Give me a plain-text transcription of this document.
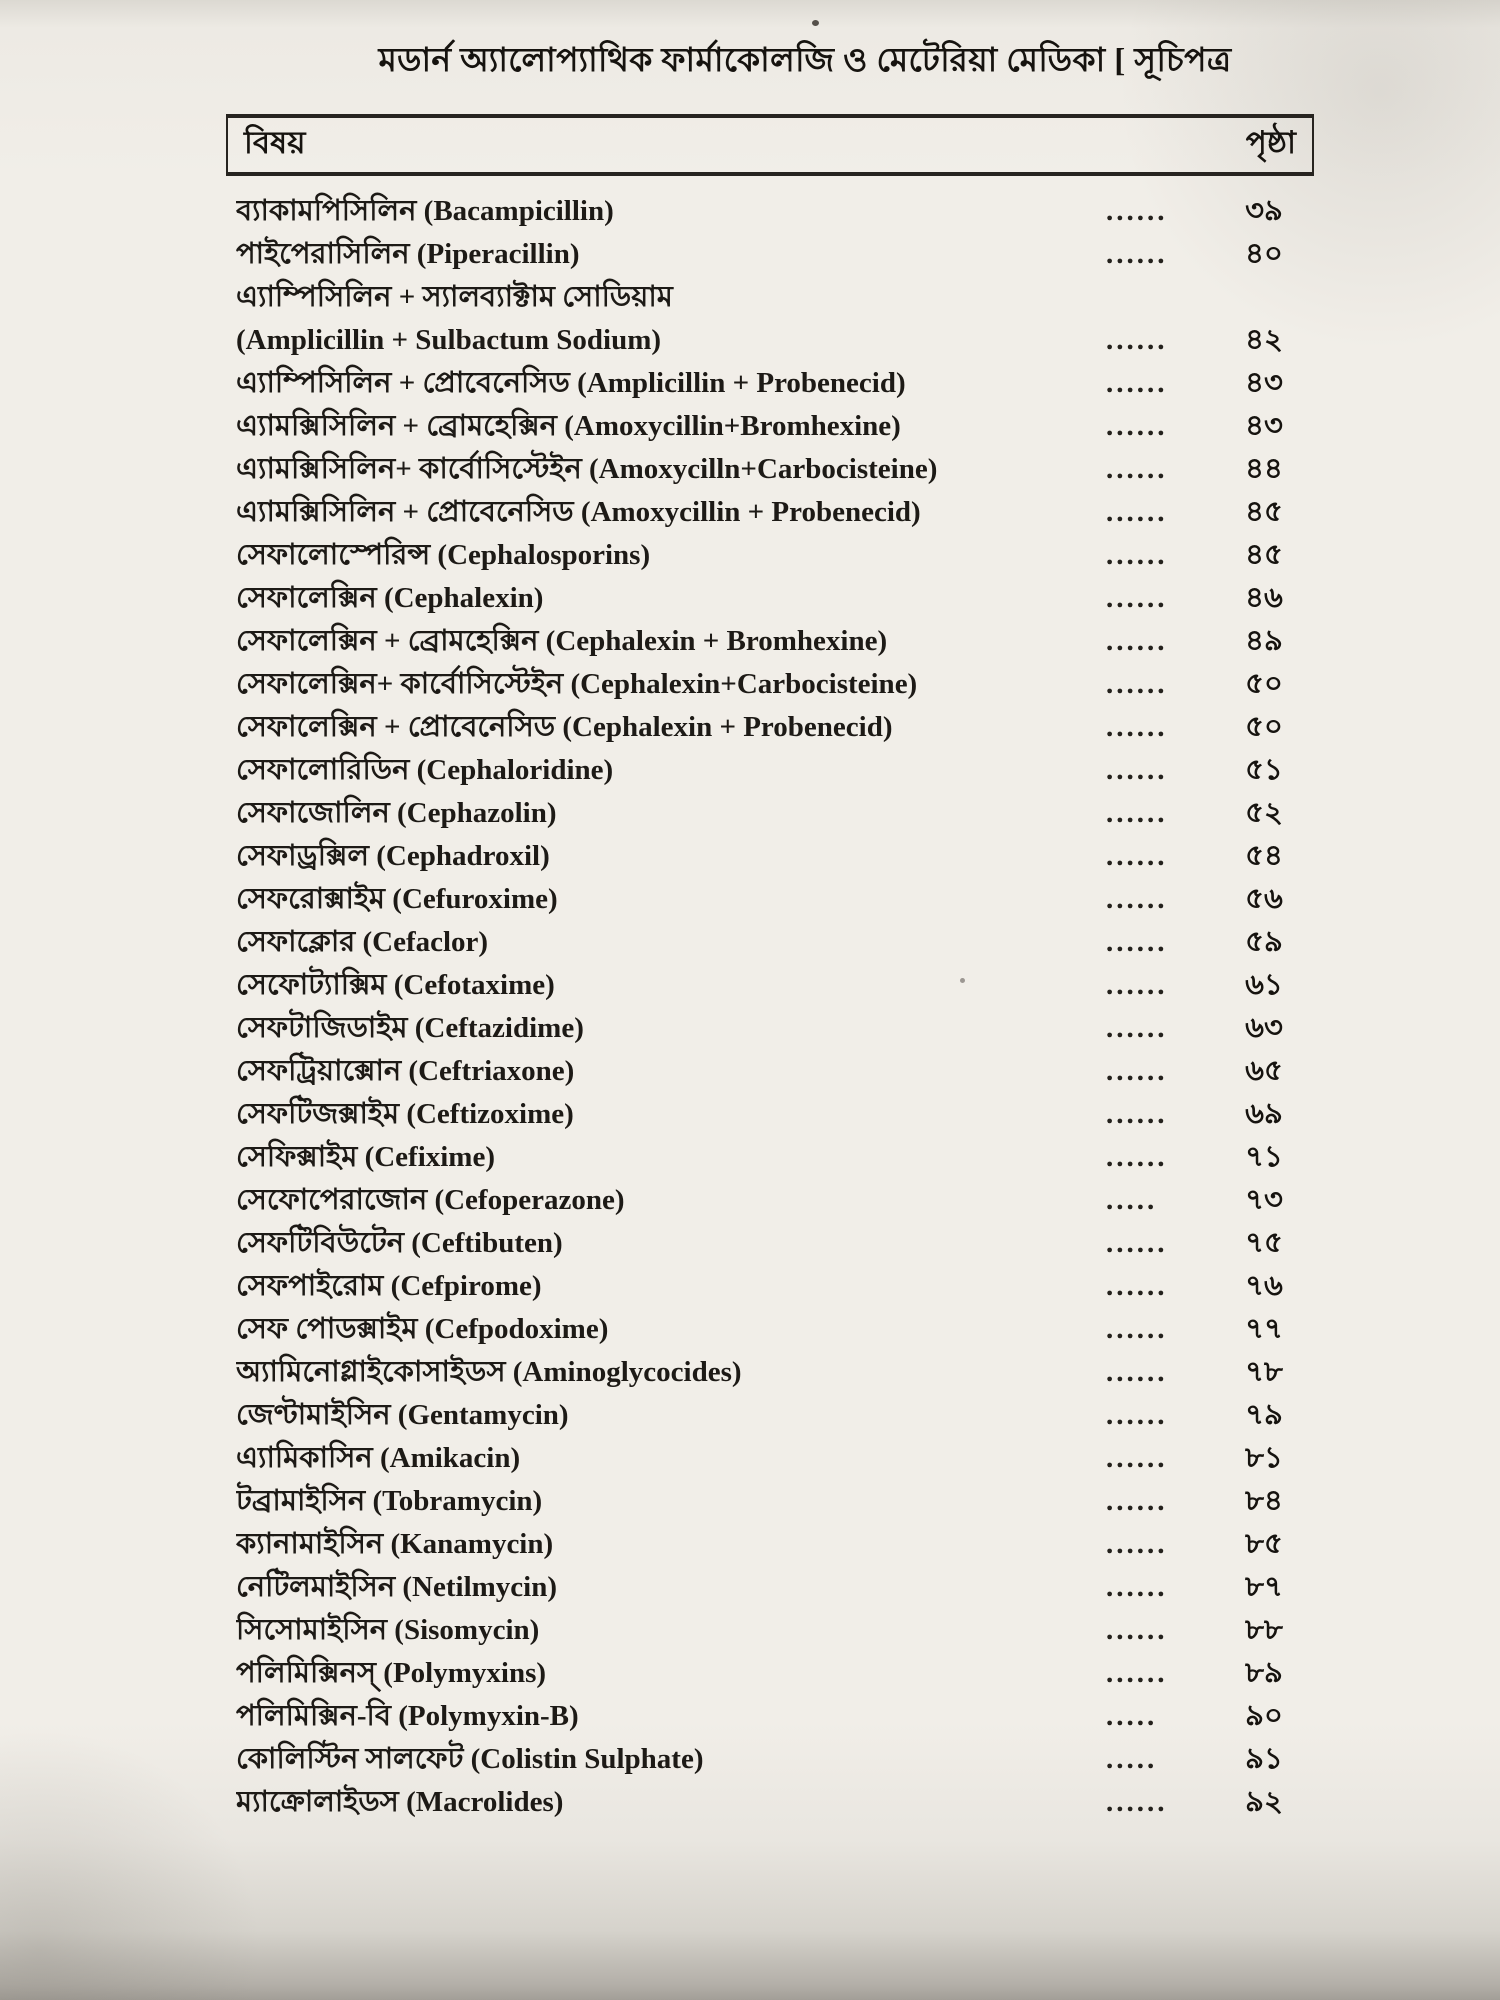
মডার্ন অ্যালোপ্যাথিক ফার্মাকোলজি ও মেটেরিয়া মেডিকা [ সূচিপত্র
বিষয়	পৃষ্ঠা
ব্যাকামপিসিলিন (Bacampicillin)	......	৩৯
পাইপেরাসিলিন (Piperacillin)	......	৪০
এ্যাম্পিসিলিন + স্যালব্যাক্টাম সোডিয়াম
(Amplicillin + Sulbactum Sodium)	......	৪২
এ্যাম্পিসিলিন + প্রোবেনেসিড (Amplicillin + Probenecid)	......	৪৩
এ্যামক্সিসিলিন + ব্রোমহেক্সিন (Amoxycillin+Bromhexine)	......	৪৩
এ্যামক্সিসিলিন+ কার্বোসিস্টেইন (Amoxycilln+Carbocisteine)	......	৪৪
এ্যামক্সিসিলিন + প্রোবেনেসিড (Amoxycillin + Probenecid)	......	৪৫
সেফালোস্পেরিন্স (Cephalosporins)	......	৪৫
সেফালেক্সিন (Cephalexin)	......	৪৬
সেফালেক্সিন + ব্রোমহেক্সিন (Cephalexin + Bromhexine)	......	৪৯
সেফালেক্সিন+ কার্বোসিস্টেইন (Cephalexin+Carbocisteine)	......	৫০
সেফালেক্সিন + প্রোবেনেসিড (Cephalexin + Probenecid)	......	৫০
সেফালোরিডিন (Cephaloridine)	......	৫১
সেফাজোলিন (Cephazolin)	......	৫২
সেফাড্রক্সিল (Cephadroxil)	......	৫৪
সেফরোক্সাইম (Cefuroxime)	......	৫৬
সেফাক্লোর (Cefaclor)	......	৫৯
সেফোট্যাক্সিম (Cefotaxime)	......	৬১
সেফটাজিডাইম (Ceftazidime)	......	৬৩
সেফট্রিয়াক্সোন (Ceftriaxone)	......	৬৫
সেফটিজক্সাইম (Ceftizoxime)	......	৬৯
সেফিক্সাইম (Cefixime)	......	৭১
সেফোপেরাজোন (Cefoperazone)	.....	৭৩
সেফটিবিউটেন (Ceftibuten)	......	৭৫
সেফপাইরোম (Cefpirome)	......	৭৬
সেফ পোডক্সাইম (Cefpodoxime)	......	৭৭
অ্যামিনোগ্লাইকোসাইডস (Aminoglycocides)	......	৭৮
জেণ্টামাইসিন (Gentamycin)	......	৭৯
এ্যামিকাসিন (Amikacin)	......	৮১
টব্রামাইসিন (Tobramycin)	......	৮৪
ক্যানামাইসিন (Kanamycin)	......	৮৫
নেটিলমাইসিন (Netilmycin)	......	৮৭
সিসোমাইসিন (Sisomycin)	......	৮৮
পলিমিক্সিনস্ (Polymyxins)	......	৮৯
পলিমিক্সিন-বি (Polymyxin-B)	.....	৯০
কোলিস্টিন সালফেট (Colistin Sulphate)	.....	৯১
ম্যাক্রোলাইডস (Macrolides)	......	৯২
